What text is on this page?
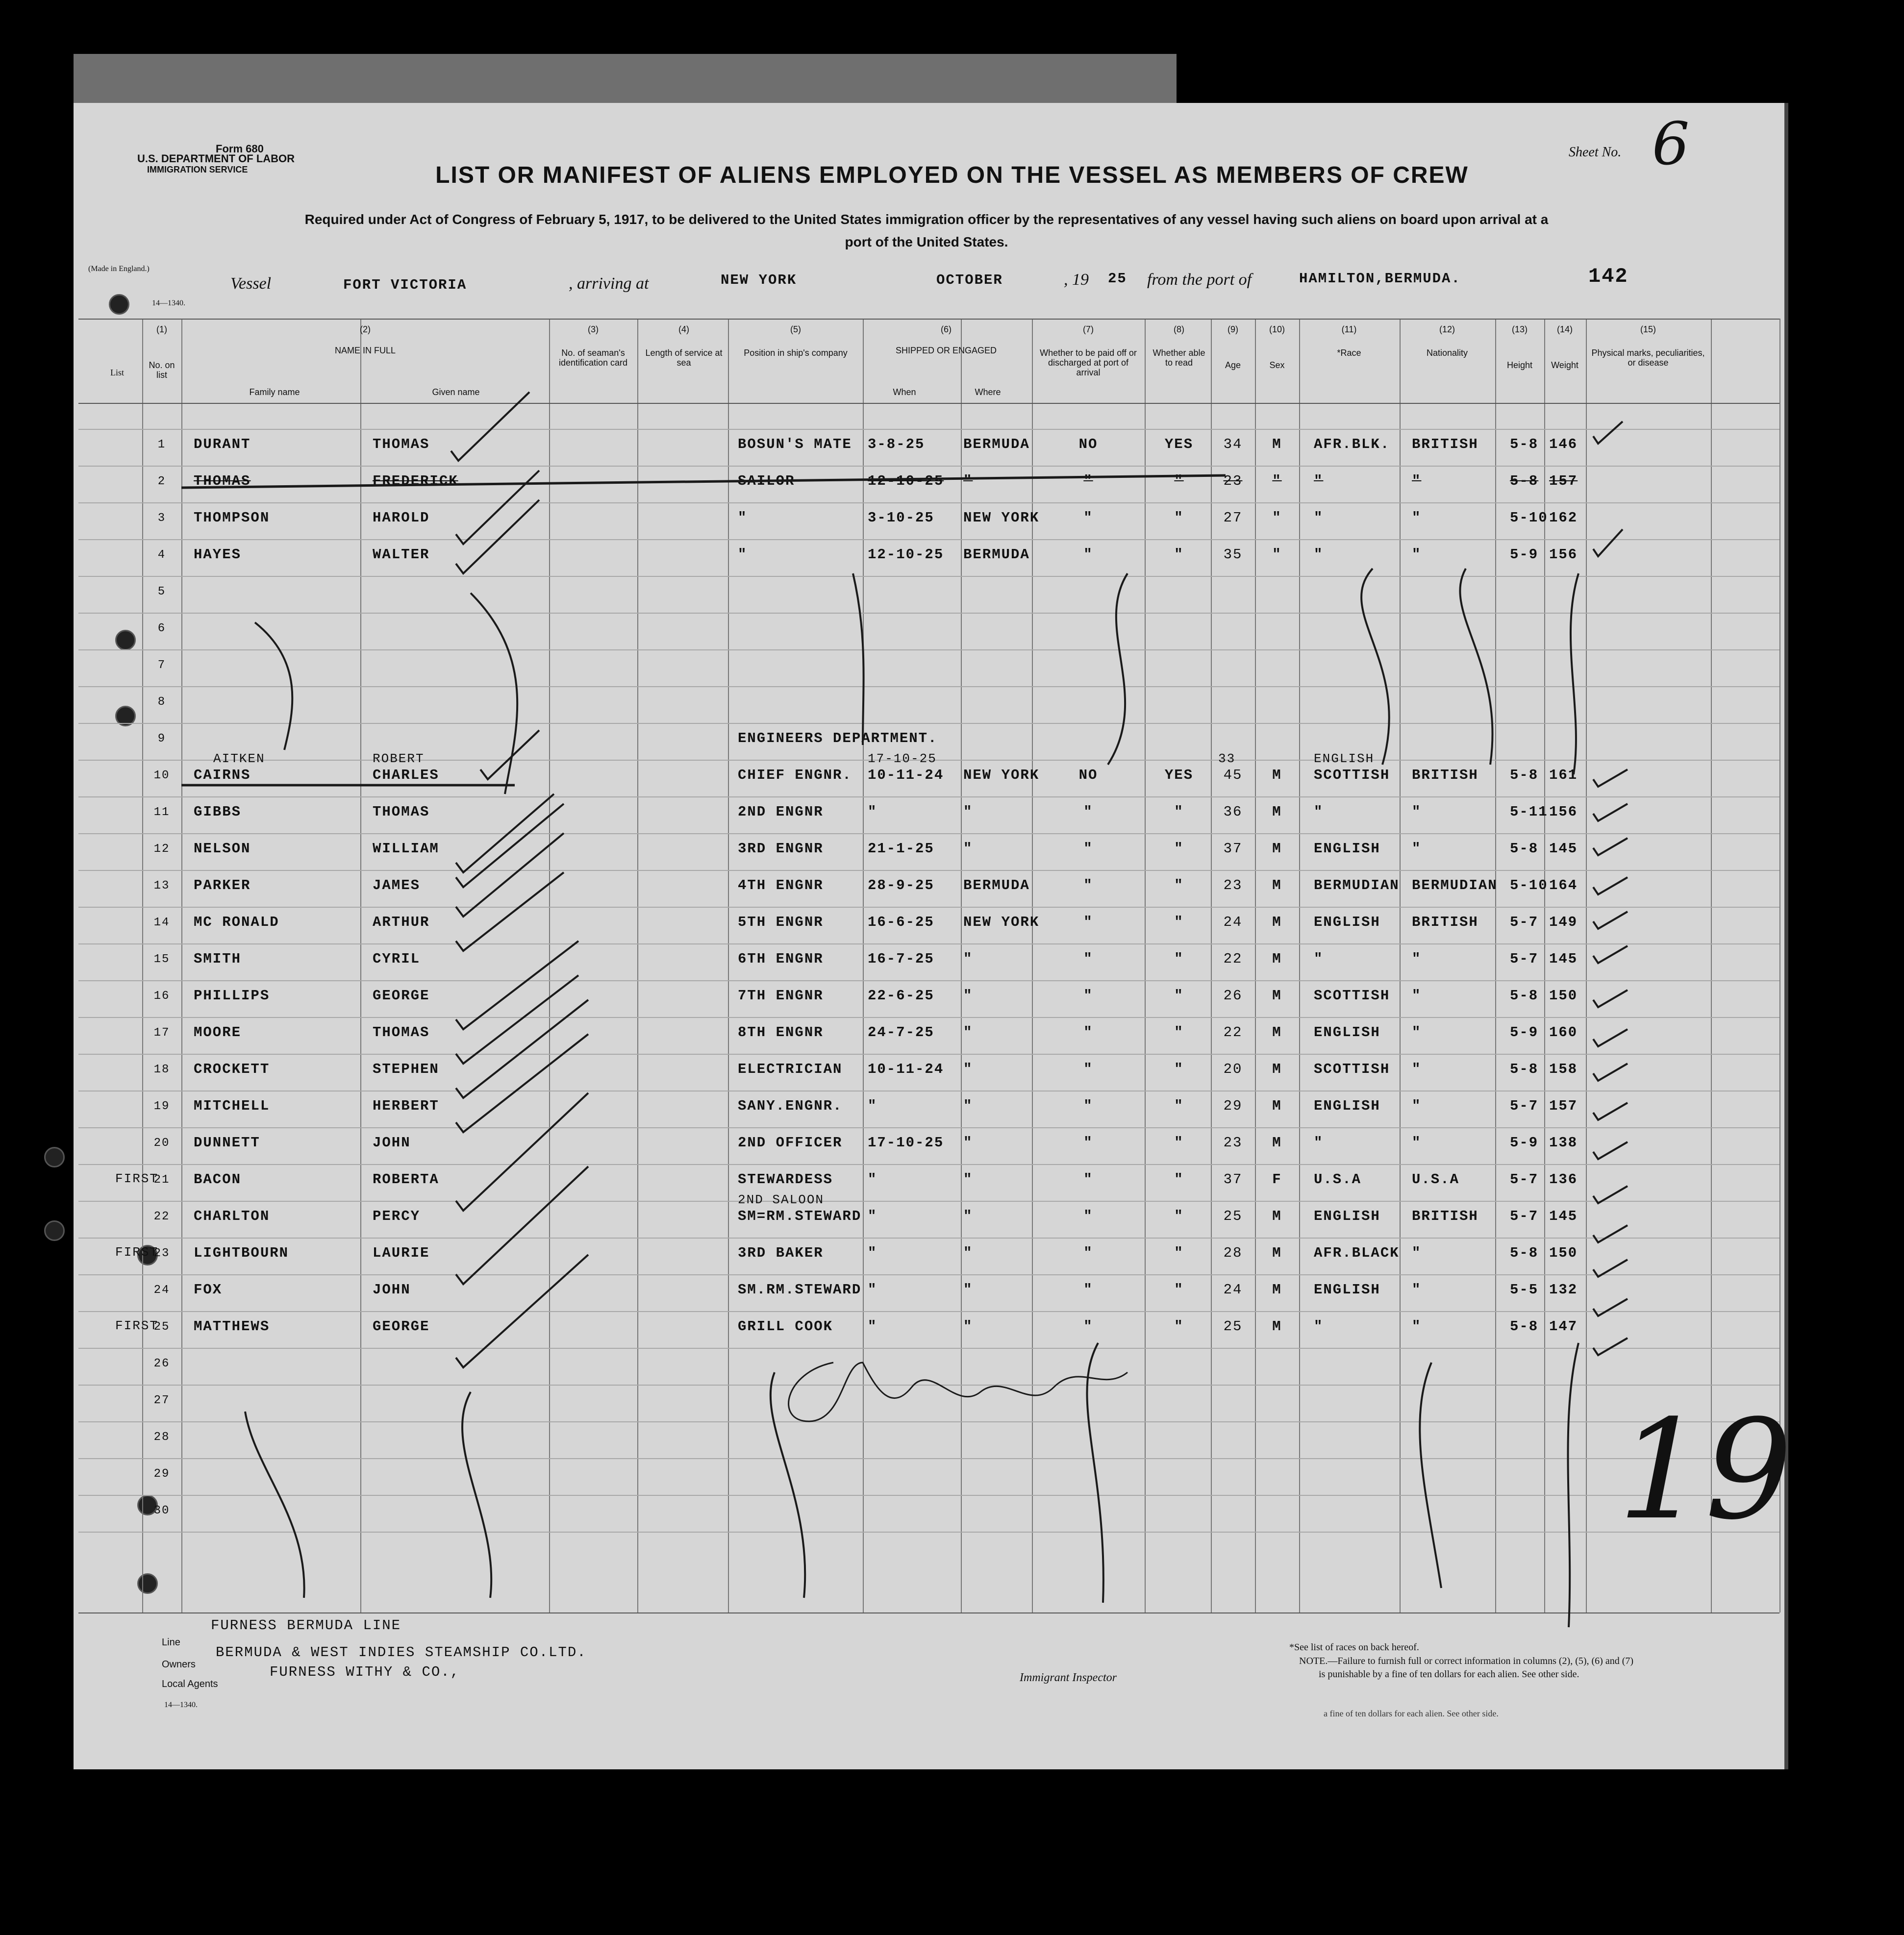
Form 680
U.S. DEPARTMENT OF LABOR
IMMIGRATION SERVICE
Sheet No. 6
LIST OR MANIFEST OF ALIENS EMPLOYED ON THE VESSEL AS MEMBERS OF CREW
Required under Act of Congress of February 5, 1917, to be delivered to the United States immigration officer by the representatives of any vessel having such aliens on board upon arrival at a
port of the United States.
(Made in England.)
14—1340.
Vessel	FORT VICTORIA	, arriving at	NEW YORK	OCTOBER	, 19 25 from the port of	HAMILTON,BERMUDA.	142
(1)
No. on list
(2)
NAME IN FULL
Family name	Given name
(3)
No. of seaman's identification card
(4)
Length of service at sea
(5)
Position in ship's company
(6)
SHIPPED OR ENGAGED
When	Where
(7)
Whether to be paid off or discharged at port of arrival
(8)
Whether able to read
(9)
Age
(10)
Sex
(11)
*Race
(12)
Nationality
(13)
Height
(14)
Weight
(15)
Physical marks, peculiarities, or disease
List
1	DURANT	THOMAS	BOSUN'S MATE 3-8-25	BERMUDA	NO	YES	34	M	AFR.BLK. BRITISH 5-8 146
2	THOMAS	FREDERICK	SAILOR	12-10-25 "	"	"	23	"	"	"	5-8 157
3	THOMPSON	HAROLD	"	3-10-25 NEW YORK	"	"	27	"	"	"	5-10 162
4	HAYES	WALTER	"	12-10-25 BERMUDA	"	"	35	"	"	"	5-9 156
5
6
7
8
9	ENGINEERS DEPARTMENT.
10	CAIRNS	CHARLES	CHIEF ENGNR. 10-11-24 NEW YORK	NO	YES	45	M	SCOTTISH BRITISH 5-8 161
AITKEN	ROBERT	17-10-25	33	ENGLISH
11	GIBBS	THOMAS	2ND ENGNR	"	"	"	"	36	M	"	"	5-11 156
12	NELSON	WILLIAM	3RD ENGNR	21-1-25 "	"	"	37	M	ENGLISH "	5-8 145
13	PARKER	JAMES	4TH ENGNR	28-9-25 BERMUDA	"	"	23	M	BERMUDIAN BERMUDIAN 5-10 164
14	MC RONALD	ARTHUR	5TH ENGNR	16-6-25 NEW YORK	"	"	24	M	ENGLISH BRITISH 5-7 149
15	SMITH	CYRIL	6TH ENGNR	16-7-25 "	"	"	22	M	"	"	5-7 145
16	PHILLIPS	GEORGE	7TH ENGNR	22-6-25 "	"	"	26	M	SCOTTISH "	5-8 150
17	MOORE	THOMAS	8TH ENGNR	24-7-25 "	"	"	22	M	ENGLISH "	5-9 160
18	CROCKETT	STEPHEN	ELECTRICIAN 10-11-24 "	"	"	20	M	SCOTTISH "	5-8 158
19	MITCHELL	HERBERT	SANY.ENGNR. "	"	"	"	29	M	ENGLISH "	5-7 157
20	DUNNETT	JOHN	2ND OFFICER 17-10-25 "	"	"	23	M	"	"	5-9 138
21	BACON	ROBERTA	STEWARDESS "	"	"	"	37	F	U.S.A	U.S.A	5-7 136
FIRST
22	CHARLTON	PERCY	SM=RM.STEWARD "	"	"	"	25	M	ENGLISH BRITISH 5-7 145
2ND SALOON
23	LIGHTBOURN	LAURIE	3RD BAKER	"	"	"	"	28	M	AFR.BLACK "	5-8 150
FIRST
24	FOX	JOHN	SM.RM.STEWARD "	"	"	"	24	M	ENGLISH "	5-5 132
25	MATTHEWS	GEORGE	GRILL COOK "	"	"	"	25	M	"	"	5-8 147
FIRST
26
27
28
29
30
Line
FURNESS BERMUDA LINE
Owners
BERMUDA & WEST INDIES STEAMSHIP CO.LTD.
Local Agents
FURNESS WITHY & CO.,
14—1340.
Immigrant Inspector
*See list of races on back hereof.
NOTE.—Failure to furnish full or correct information in columns (2), (5), (6) and (7)
is punishable by a fine of ten dollars for each alien. See other side.
a fine of ten dollars for each alien. See other side.
19
